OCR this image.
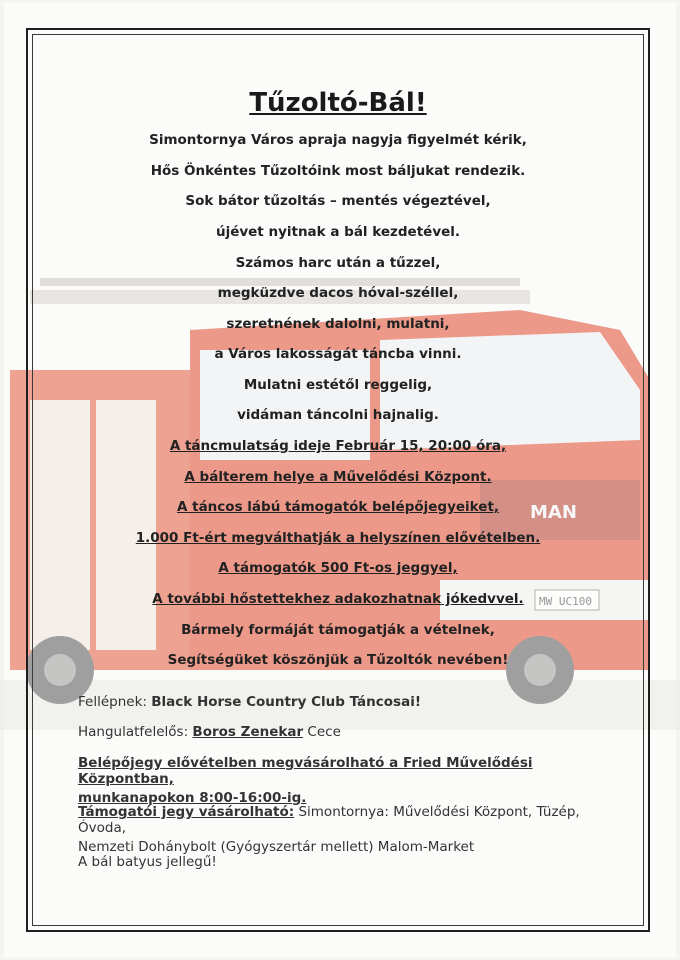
MAN
MW UC100
Tűzoltó-Bál!
Simontornya Város apraja nagyja figyelmét kérik,
Hős Önkéntes Tűzoltóink most báljukat rendezik.
Sok bátor tűzoltás – mentés végeztével,
újévet nyitnak a bál kezdetével.
Számos harc után a tűzzel,
megküzdve dacos hóval-széllel,
szeretnének dalolni, mulatni,
a Város lakosságát táncba vinni.
Mulatni estétől reggelig,
vidáman táncolni hajnalig.
A táncmulatság ideje Február 15, 20:00 óra,
A bálterem helye a Művelődési Központ.
A táncos lábú támogatók belépőjegyeiket,
1.000 Ft-ért megválthatják a helyszínen elővételben.
A támogatók 500 Ft-os jeggyel,
A további hőstettekhez adakozhatnak jókedvvel.
Bármely formáját támogatják a vételnek,
Segítségüket köszönjük a Tűzoltók nevében!
Fellépnek: Black Horse Country Club Táncosai!
Hangulatfelelős: Boros Zenekar Cece
Belépőjegy elővételben megvásárolható a Fried Művelődési Központban,
munkanapokon 8:00-16:00-ig.
Támogatói jegy vásárolható: Simontornya: Művelődési Központ, Tüzép, Óvoda,
Nemzeti Dohánybolt (Gyógyszertár mellett) Malom-Market
A bál batyus jellegű!
